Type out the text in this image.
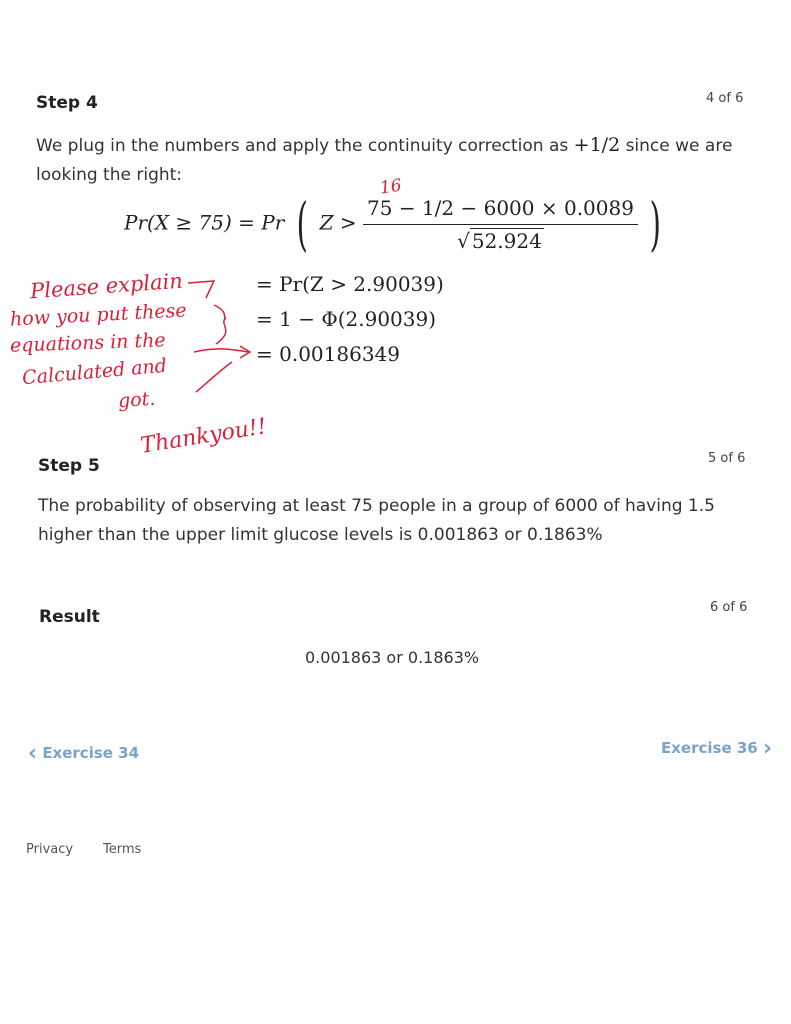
Step 4	4 of 6
We plug in the numbers and apply the continuity correction as +1/2 since we are looking the right:
Pr(X ≥ 75) = Pr ( $Z > \frac{75 - 1/2 - 6000 \times 0.0089}{√ 52.924}$ )
= Pr(Z > 2.90039)
= 1 − Φ(2.90039)
= 0.00186349
16
Please explain
how you put these
equations in the
Calculated and
got.
Thankyou!!
Step 5	5 of 6
The probability of observing at least 75 people in a group of 6000 of having 1.5 higher than the upper limit glucose levels is 0.001863 or 0.1863%
Result	6 of 6
0.001863 or 0.1863%
‹ Exercise 34	Exercise 36 ›
Privacy Terms
